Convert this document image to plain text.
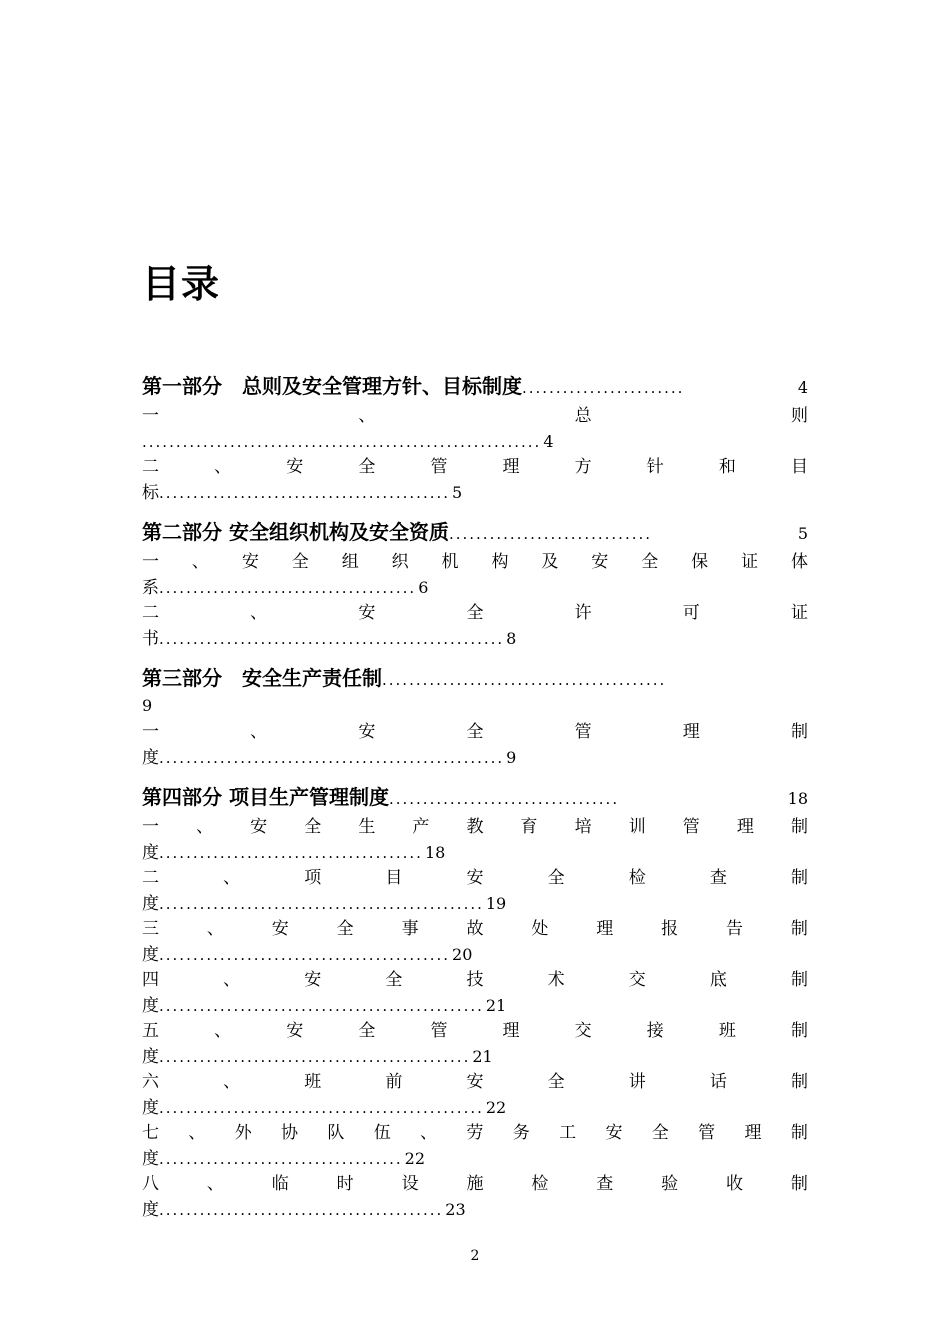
目录
第一部分　总则及安全管理方针、目标制度 ........................	4
一	、	总	则
........................................................... 4
二	、	安	全	管	理	方	针	和	目
标 ........................................... 5
第二部分 安全组织机构及安全资质 ..............................	5
一 、 安 全 组 织 机 构 及 安 全 保 证 体
系 ...................................... 6
二	、	安	全	许	可	证
书 ................................................... 8
第三部分　安全生产责任制 ..........................................
9
一	、	安	全	管	理	制
度 ................................................... 9
第四部分 项目生产管理制度 ..................................	18
一 、 安 全 生 产 教 育 培 训 管 理 制
度 ....................................... 18
二	、	项	目	安	全	检	查	制
度 ................................................ 19
三	、	安	全	事	故	处	理	报	告	制
度 ........................................... 20
四	、	安	全	技	术	交	底	制
度 ................................................ 21
五	、	安	全	管	理	交	接	班	制
度 .............................................. 21
六	、	班	前	安	全	讲	话	制
度 ................................................ 22
七 、 外 协 队 伍 、 劳 务 工 安 全 管 理 制
度 .................................... 22
八	、	临	时	设	施	检	查	验	收	制
度 .......................................... 23
2
